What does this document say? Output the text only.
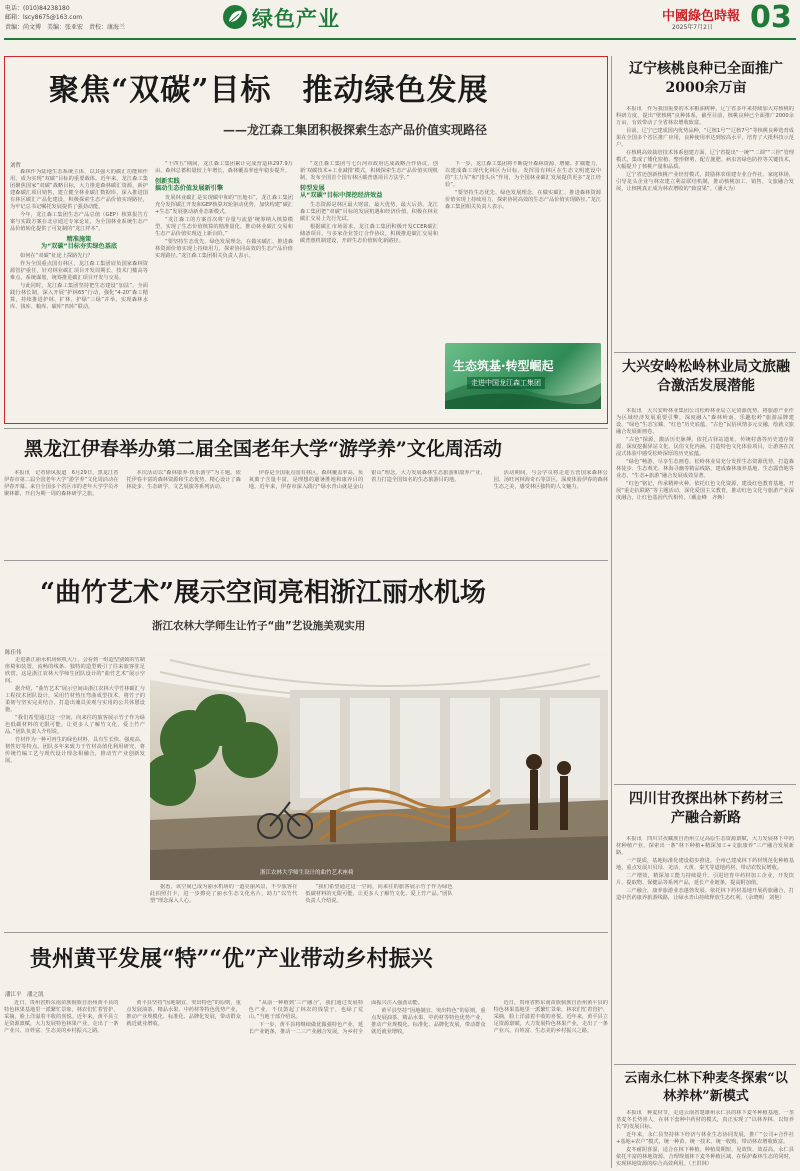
电话：(010)84238180
邮箱：lscy8675@163.com
责编：尚文博　美编：张亚宏　责校：康海兰	绿色产业	中國綠色時報
2025年7月2日 03
聚焦“双碳”目标　推动绿色发展
——龙江森工集团积极探索生态产品价值实现路径
刘哲

森林作为陆地生态系统主体，以其强大的碳汇功能和作用，成为实现“双碳”目标的重要载体。近年来，龙江森工集团聚焦国家“双碳”战略目标，大力推进森林碳汇资源，新护建森碳汇项目销售，建立健全林业碳汇数据库，深入推进国有林区碳汇产品化建设，积极探索生态产品价值实现路径，为牢记总书记嘱托发展提供了强劲动能。

今年，龙江森工集团生态产品总值（GEP）核算报告方案与实践方案在北京通过专家论证，为全国林业系统生态产品价值转化提供了可复制的“龙江样本”。

精准施策
为“双碳”目标夯实绿色基底

如何在“双碳”征途上探路先行？

作为全国重点国有林区，龙江森工集团肩负国家森林资源管护重任，针对林业碳汇项目开发周期长、技术门槛高等难点，系统谋划，统筹推进碳汇项目开发与交易。

与此同时，龙江森工集团坚持把生态建设“加法”，全面践行林长制，深入开展“护林65”行动，强化“4-20”森工精算，持续推进护林、扩林、护绿“三绿”并举，实现森林水库、钱库、粮库、碳库“四库”联动。

“十四五”期间，龙江森工集团累计完成营造林297.9万亩，森林总蓄积量较上年增长，森林覆盖率连年稳步提升。

创新实践
搞动生态价值发展新引擎

发展林业碳汇是实现碳中和的“压舱石”，龙江森工集团充分发挥碳汇开发和GEP核算双轮驱动优势，加快构建“碳汇+生态”发展驱动新业态新模式。

“龙江森工的方案首次将‘存量与流量’统筹纳入核算模型，实现了生态价值核算的精准量化，推动林业碳汇交易和生态产品价值实现迈上新台阶。”

“要坚持生态优先、绿色发展理念，在做实碳汇、推进森林资源价值实现上持续用力，探索协同高效的生态产品价值实现路径。”龙江森工集团相关负责人表示。

“龙江森工集团与七台河市政府达成战略合作协议，创新‘双碳技术+工业减排’模式，积极探索生态产品价值实现机制，发布全国首个国有林区碳普惠项目方法学。”

转型发展
从“双碳”目标中深挖经济效益

生态资源是林区最大财富，最大优势，最大后劲。龙江森工集团把“双碳”目标的发展机遇和经济价值，积极在林业碳汇交易上先行先试。

根据碳汇市场需求，龙江森工集团积极开发CCER碳汇储备项目，与多家企业签订合作协议，积极推进碳汇交易和碳普惠机制建设，开辟生态价值转化新路径。

下一步，龙江森工集团将不断提升森林资源、增储、扩碳能力，以建成森工现代化林区为目标，发挥国有林区在生态文明建设中的“主力军”和“排头兵”作用，为全国林业碳汇发展提供更多“龙江经验”。

“要坚持生态优先、绿色发展理念，在做实碳汇、推进森林资源价值实现上持续用力，探索协同高效的生态产品价值实现路径。”龙江森工集团相关负责人表示。

生态筑基·转型崛起
走进中国龙江森工集团
辽宁核桃良种已全面推广2000余万亩

本报讯　作为我国重要的木本粮油树种，辽宁省多年来持续加大对核桃的科研力度，提出“壁核桃”良种体系，截至目前，核桃良种已全面推广2000余万亩，有效带动了全省林农增收致富。

目前，辽宁已建成国内优势品种，“辽核1号”“辽核7号”等核桃良种选育成果在全国多个省区推广应用，良种使用率达到较高水平，培育了大批科技示范户。

在核桃高效栽培技术体系创建方面，辽宁省提出“一统”“二调”“三控”管理模式，集成了矮化密植、整形修剪、配方施肥、病虫害绿色防控等关键技术，大幅提升了核桃产量和品质。

辽宁省还创新核桃产业经营模式，鼓励林农组建专业合作社、家庭林场，引导龙头企业与林农建立利益联结机制，推动核桃加工、销售、文旅融合发展，让核桃真正成为林农增收的“致富果”。（潘大为）

大兴安岭松岭林业局文旅融合激活发展潜能

本报讯　大兴安岭林业集团公司松岭林业局立足资源优势，将旅游产业作为区域经济发展重要引擎，深度融入“森林岭南、乐趣松岭”旅游品牌建设，“绿色”生态宝藏、“红色”历史底蕴、“古色”民俗风情多元交融，绘就文旅融合发展新画卷。

“古色”探源，激活历史脉搏。依托古驿站遗址、传统村落等历史遗存资源，深度挖掘驿站文化、民俗文化内涵，打造特色文化体验项目，让游客在沉浸式体验中感受松岭深厚的历史底蕴。

“绿色”畅游，尽享生态画卷。松岭林业局充分发挥生态资源优势，打造森林徒步、生态观光、林海寻幽等精品线路，建成森林康养基地、生态露营地等业态，“生态+旅游”融合发展成效显著。

“红色”铭记，传承精神火种。依托红色文化资源，建设红色教育基地，开展“重走抗联路”等主题活动，深化爱国主义教育，推动红色文化与旅游产业深度融合，让红色基因代代相传。（戴金峰　齐焕）

四川甘孜探出林下药材三产融合新路

本报讯　四川甘孜藏族自治州立足高原生态资源禀赋，大力发展林下中药材种植产业，探索出一条“林下种植+精深加工+文旅康养”三产融合发展新路。

一产提质，基地标准化建设稳步推进。全州已建成林下药材规范化种植基地，重点发展川贝母、羌活、大黄、秦艽等道地药材，带动农牧民增收。

二产增效，精深加工能力持续提升。引进培育中药材加工企业，开发饮片、提取物、保健品等系列产品，延长产业链条，提高附加值。

三产融合，康养旅游业态蓬勃发展。依托林下药材基地开展药旅融合，打造中医药康养旅游线路，让绿水青山持续释放生态红利。（余晓明　刘艳）

云南永仁林下种麦冬探索“以林养林”新模式

本报讯　种麦材节，走进云南省楚雄州永仁县的林下麦冬种植基地，一垄垄麦冬长势喜人，在林下套种中药材的模式，真正实现了“以林养林、以短养长”的发展目标。

近年来，永仁县坚持林下经济与林业生态协同发展，推广“公司+合作社+基地+农户”模式，统一种苗、统一技术、统一收购，带动林农增收致富。

麦冬耐阴喜湿，适合在林下种植，种植周期短、见效快、效益高。永仁县依托丰富的林地资源，合理规划林下麦冬种植区域，在保护森林生态的同时，实现林地资源的综合高效利用。（王洪林）

黑龙江伊春举办第二届全国老年大学“游学养”文化周活动

本报讯　记者徐凤报道　6月29日，黑龙江省伊春市第二届全国老年大学“游学养”文化周活动在伊春开幕。来自全国多个省区市的老年大学学员齐聚林都，开启为期一周的森林研学之旅。

本次活动以“森林康养·快乐游学”为主题，依托伊春丰富的森林资源和生态优势，精心设计了森林徒步、生态研学、文艺展演等系列活动。

伊春是全国重点国有林区，森林覆盖率高，负氧离子含量丰富，是理想的避暑胜地和康养目的地。近年来，伊春市深入践行“绿水青山就是金山银山”理念，大力发展森林生态旅游和康养产业，着力打造全国知名的生态旅游目的地。

活动期间，与会学员将走进五营国家森林公园、汤旺河林海奇石等景区，深度体验伊春的森林生态之美，感受林区独特的人文魅力。

“曲竹艺术”展示空间亮相浙江丽水机场
浙江农林大学师生让竹子“曲”艺设施美观实用
陈佳伟

走进浙江丽水机场候机大厅，会看到一组造型别致的竹制座椅和装置，流畅的线条、独特的造型吸引了往来旅客驻足欣赏。这是浙江农林大学师生团队设计的“曲竹艺术”展示空间。

据介绍，“曲竹艺术”展示空间由浙江农林大学竹林碳汇与工程技术团队设计，采用竹材热压弯曲成型技术，将竹子的柔韧与坚实完美结合，打造出兼具美观与实用的公共休憩设施。

“我们希望通过这一空间，向来往的旅客展示竹子作为绿色低碳材料的无限可能，让更多人了解竹文化、爱上竹产品。”团队负责人介绍说。

竹材作为一种可再生的绿色材料，具有生长快、强度高、韧性好等特点。团队多年来致力于竹材高值化利用研究，将传统竹编工艺与现代设计理念相融合，推动竹产业创新发展。

浙江农林大学师生设计的曲竹艺术座椅

据悉，该空间已成为丽水机场的一道亮丽风景，不少旅客在此拍照打卡，进一步擦亮了丽水生态文化名片，助力“以竹代塑”理念深入人心。

“我们希望通过这一空间，向来往的旅客展示竹子作为绿色低碳材料的无限可能，让更多人了解竹文化、爱上竹产品。”团队负责人介绍说。

贵州黄平发展“特”“优”产业带动乡村振兴
潘江平　潘之凯

近日，贵州省黔东南苗族侗族自治州黄平县的特色林果基地里一派繁忙景象，林农们忙着管护、采摘，脸上洋溢着丰收的喜悦。近年来，黄平县立足资源禀赋，大力发展特色林果产业，走出了一条产业兴、百姓富、生态美的乡村振兴之路。

黄平县坚持“因地制宜、突出特色”的原则，重点发展油茶、精品水果、中药材等特色优势产业，推动产业规模化、标准化、品牌化发展，带动群众就近就业增收。

“从前一种植到‘三产融合’，我们通过发展特色产业，不仅鼓起了林农的钱袋子，也绿了荒山。”当地干部介绍说。

下一步，黄平县将继续做优做强特色产业，延长产业链条，推动一二三产业融合发展，为乡村全面振兴注入强劲动能。

黄平县坚持“因地制宜、突出特色”的原则，重点发展油茶、精品水果、中药材等特色优势产业，推动产业规模化、标准化、品牌化发展，带动群众就近就业增收。

近日，贵州省黔东南苗族侗族自治州黄平县的特色林果基地里一派繁忙景象，林农们忙着管护、采摘，脸上洋溢着丰收的喜悦。近年来，黄平县立足资源禀赋，大力发展特色林果产业，走出了一条产业兴、百姓富、生态美的乡村振兴之路。
